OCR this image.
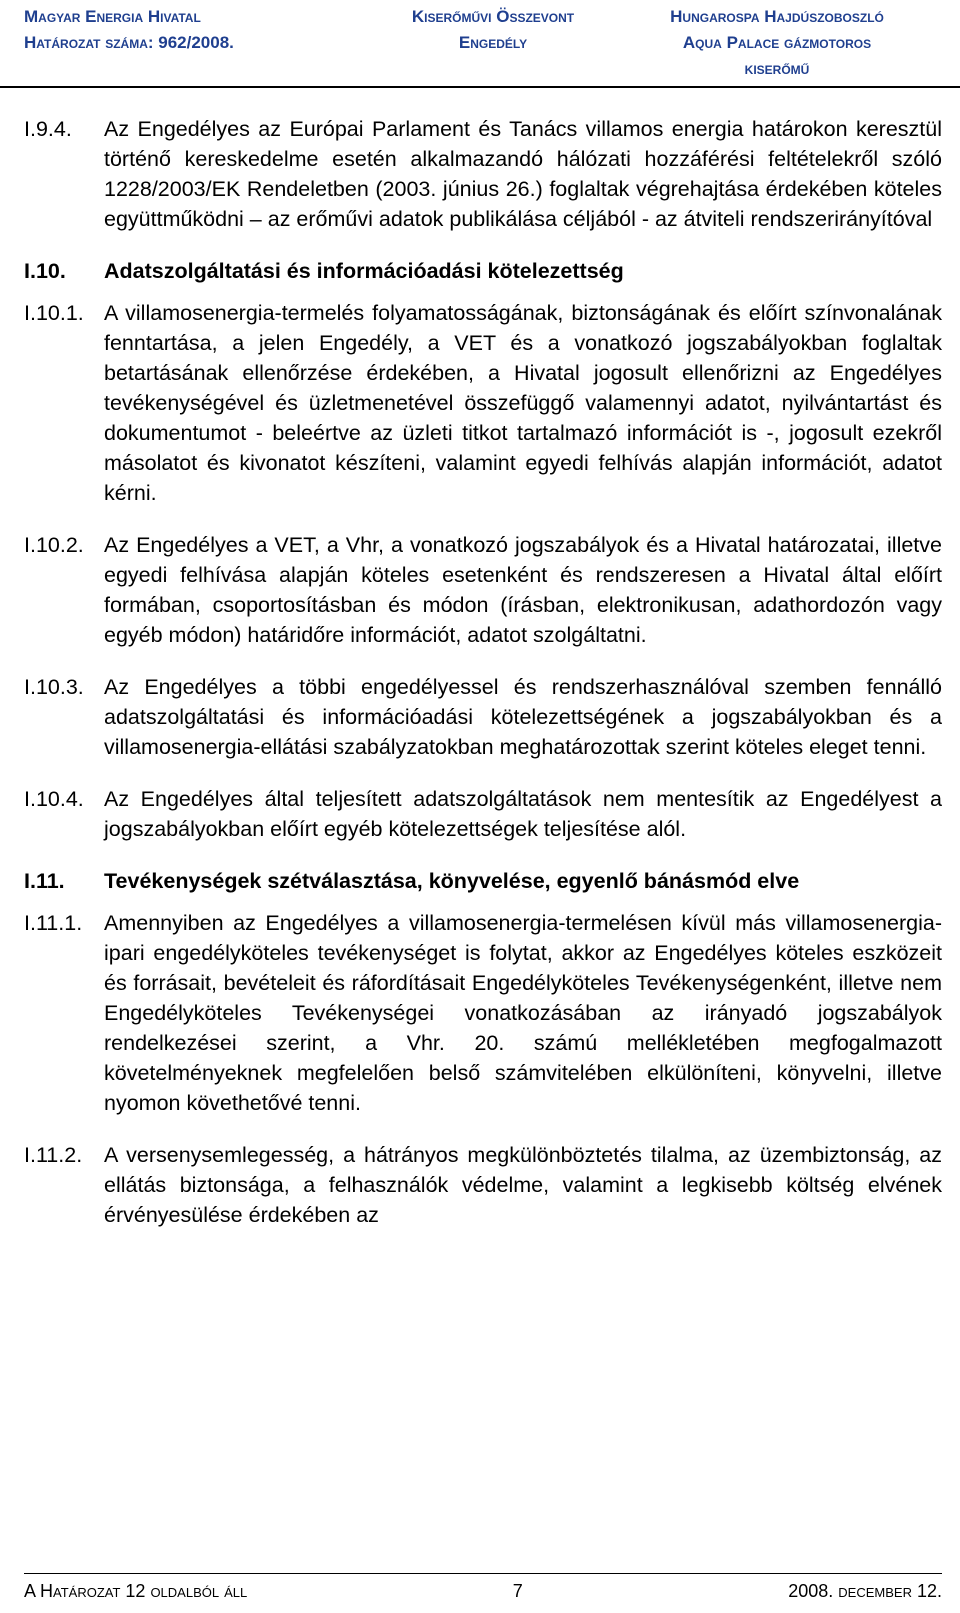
Magyar Energia Hivatal
Határozat száma: 962/2008.
Kiserőművi Összevont
Engedély
Hungarospa Hajdúszoboszló
Aqua Palace gázmotoros
kiserőmű
I.9.4.	Az Engedélyes az Európai Parlament és Tanács villamos energia határokon keresztül történő kereskedelme esetén alkalmazandó hálózati hozzáférési feltételekről szóló 1228/2003/EK Rendeletben (2003. június 26.) foglaltak végrehajtása érdekében köteles együttműködni – az erőművi adatok publikálása céljából - az átviteli rendszerirányítóval
I.10.	Adatszolgáltatási és információadási kötelezettség
I.10.1. A villamosenergia-termelés folyamatosságának, biztonságának és előírt színvonalának fenntartása, a jelen Engedély, a VET és a vonatkozó jogszabályokban foglaltak betartásának ellenőrzése érdekében, a Hivatal jogosult ellenőrizni az Engedélyes tevékenységével és üzletmenetével összefüggő valamennyi adatot, nyilvántartást és dokumentumot - beleértve az üzleti titkot tartalmazó információt is -, jogosult ezekről másolatot és kivonatot készíteni, valamint egyedi felhívás alapján információt, adatot kérni.
I.10.2. Az Engedélyes a VET, a Vhr, a vonatkozó jogszabályok és a Hivatal határozatai, illetve egyedi felhívása alapján köteles esetenként és rendszeresen a Hivatal által előírt formában, csoportosításban és módon (írásban, elektronikusan, adathordozón vagy egyéb módon) határidőre információt, adatot szolgáltatni.
I.10.3. Az Engedélyes a többi engedélyessel és rendszerhasználóval szemben fennálló adatszolgáltatási és információadási kötelezettségének a jogszabályokban és a villamosenergia-ellátási szabályzatokban meghatározottak szerint köteles eleget tenni.
I.10.4. Az Engedélyes által teljesített adatszolgáltatások nem mentesítik az Engedélyest a jogszabályokban előírt egyéb kötelezettségek teljesítése alól.
I.11.	Tevékenységek szétválasztása, könyvelése, egyenlő bánásmód elve
I.11.1.	Amennyiben az Engedélyes a villamosenergia-termelésen kívül más villamosenergia-ipari engedélyköteles tevékenységet is folytat, akkor az Engedélyes köteles eszközeit és forrásait, bevételeit és ráfordításait Engedélyköteles Tevékenységenként, illetve nem Engedélyköteles Tevékenységei vonatkozásában az irányadó jogszabályok rendelkezései szerint, a Vhr. 20. számú mellékletében megfogalmazott követelményeknek megfelelően belső számvitelében elkülöníteni, könyvelni, illetve nyomon követhetővé tenni.
I.11.2.	A versenysemlegesség, a hátrányos megkülönböztetés tilalma, az üzembiztonság, az ellátás biztonsága, a felhasználók védelme, valamint a legkisebb költség elvének érvényesülése érdekében az
A Határozat 12 oldalból áll	7	2008. december 12.
